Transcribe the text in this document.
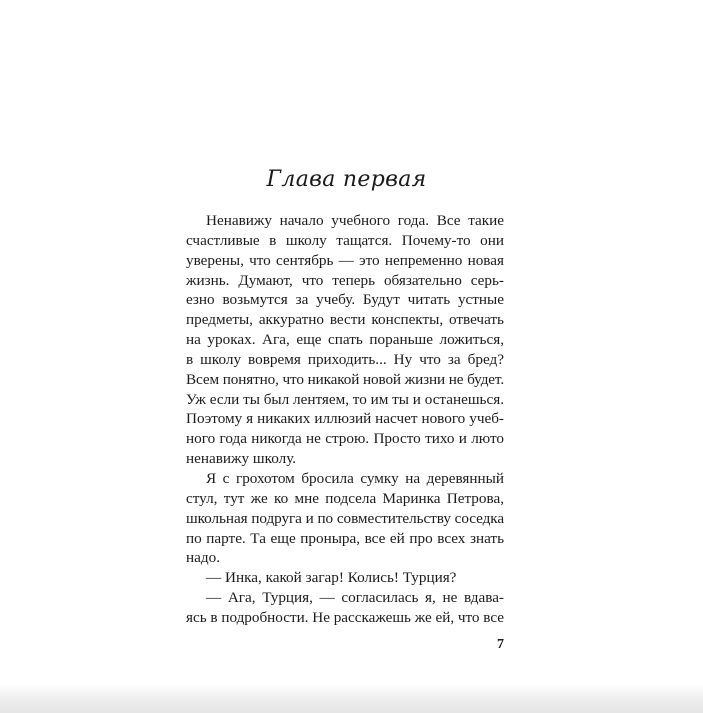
Глава первая
Ненавижу начало учебного года. Все такие
счастливые в школу тащатся. Почему-то они
уверены, что сентябрь — это непременно новая
жизнь. Думают, что теперь обязательно серь-
езно возьмутся за учебу. Будут читать устные
предметы, аккуратно вести конспекты, отвечать
на уроках. Ага, еще спать пораньше ложиться,
в школу вовремя приходить... Ну что за бред?
Всем понятно, что никакой новой жизни не будет.
Уж если ты был лентяем, то им ты и останешься.
Поэтому я никаких иллюзий насчет нового учеб-
ного года никогда не строю. Просто тихо и люто
ненавижу школу.
Я с грохотом бросила сумку на деревянный
стул, тут же ко мне подсела Маринка Петрова,
школьная подруга и по совместительству соседка
по парте. Та еще проныра, все ей про всех знать
надо.
— Инка, какой загар! Колись! Турция?
— Ага, Турция, — согласилась я, не вдава-
ясь в подробности. Не расскажешь же ей, что все
7
